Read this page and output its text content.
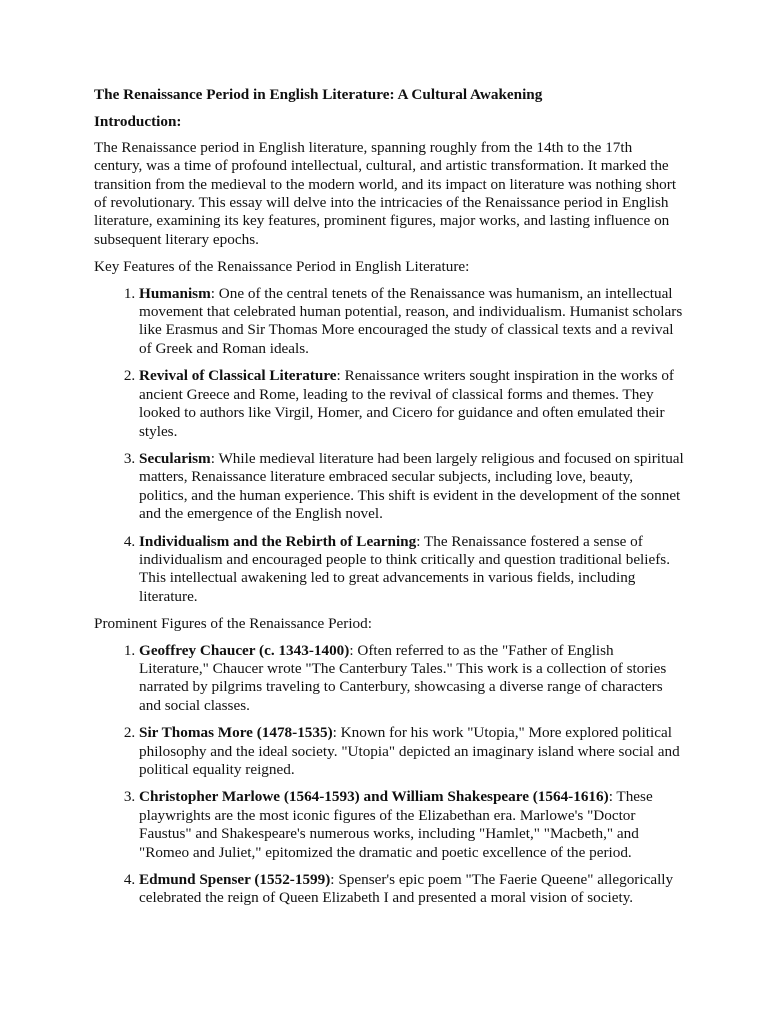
The Renaissance Period in English Literature: A Cultural Awakening
Introduction:

The Renaissance period in English literature, spanning roughly from the 14th to the 17th century, was a time of profound intellectual, cultural, and artistic transformation. It marked the transition from the medieval to the modern world, and its impact on literature was nothing short of revolutionary. This essay will delve into the intricacies of the Renaissance period in English literature, examining its key features, prominent figures, major works, and lasting influence on subsequent literary epochs.

Key Features of the Renaissance Period in English Literature:

1. Humanism: One of the central tenets of the Renaissance was humanism, an intellectual movement that celebrated human potential, reason, and individualism. Humanist scholars like Erasmus and Sir Thomas More encouraged the study of classical texts and a revival of Greek and Roman ideals.
2. Revival of Classical Literature: Renaissance writers sought inspiration in the works of ancient Greece and Rome, leading to the revival of classical forms and themes. They looked to authors like Virgil, Homer, and Cicero for guidance and often emulated their styles.
3. Secularism: While medieval literature had been largely religious and focused on spiritual matters, Renaissance literature embraced secular subjects, including love, beauty, politics, and the human experience. This shift is evident in the development of the sonnet and the emergence of the English novel.
4. Individualism and the Rebirth of Learning: The Renaissance fostered a sense of individualism and encouraged people to think critically and question traditional beliefs. This intellectual awakening led to great advancements in various fields, including literature.

Prominent Figures of the Renaissance Period:

1. Geoffrey Chaucer (c. 1343-1400): Often referred to as the "Father of English Literature," Chaucer wrote "The Canterbury Tales." This work is a collection of stories narrated by pilgrims traveling to Canterbury, showcasing a diverse range of characters and social classes.
2. Sir Thomas More (1478-1535): Known for his work "Utopia," More explored political philosophy and the ideal society. "Utopia" depicted an imaginary island where social and political equality reigned.
3. Christopher Marlowe (1564-1593) and William Shakespeare (1564-1616): These playwrights are the most iconic figures of the Elizabethan era. Marlowe's "Doctor Faustus" and Shakespeare's numerous works, including "Hamlet," "Macbeth," and "Romeo and Juliet," epitomized the dramatic and poetic excellence of the period.
4. Edmund Spenser (1552-1599): Spenser's epic poem "The Faerie Queene" allegorically celebrated the reign of Queen Elizabeth I and presented a moral vision of society.
